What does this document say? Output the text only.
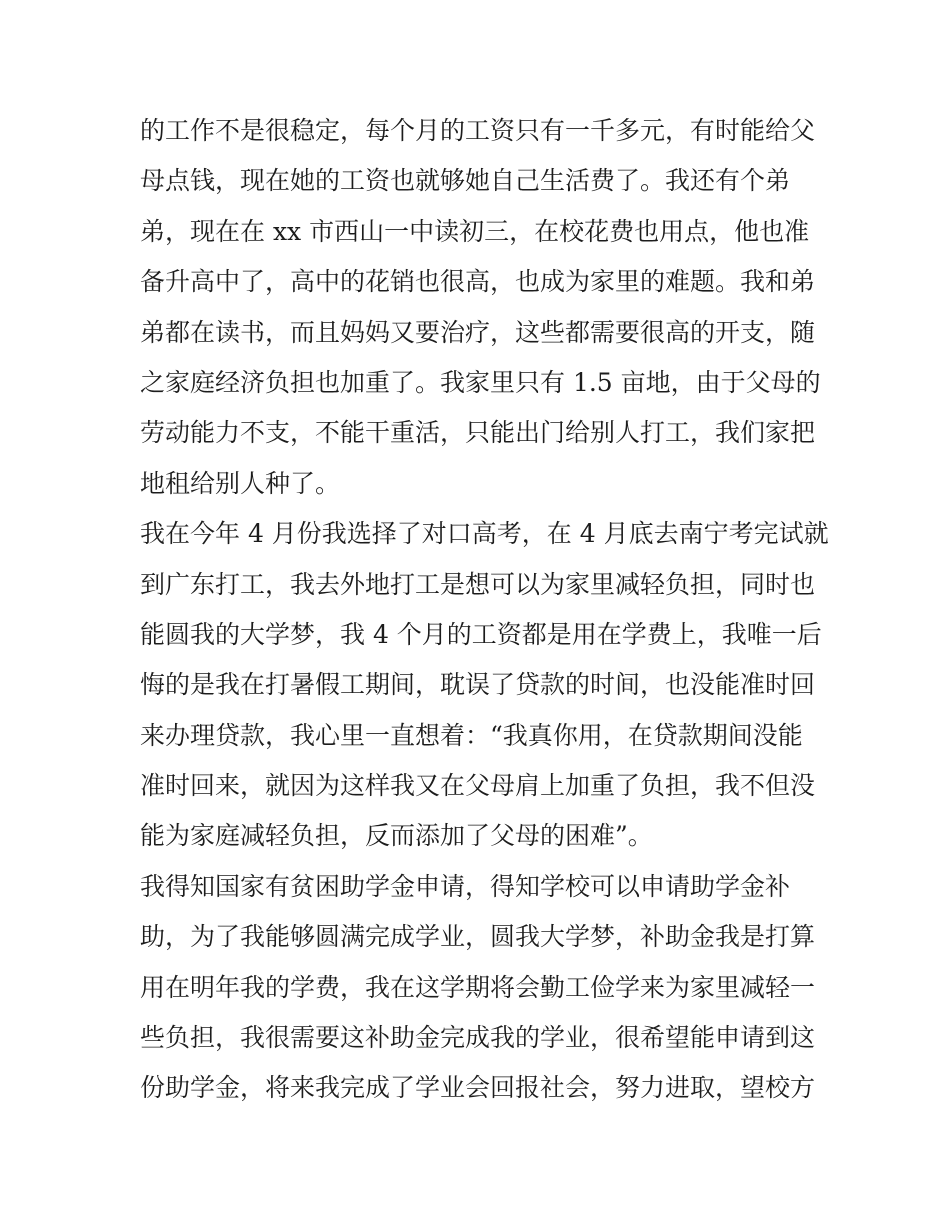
的工作不是很稳定，每个月的工资只有一千多元，有时能给父
母点钱，现在她的工资也就够她自己生活费了。我还有个弟
弟，现在在 xx 市西山一中读初三，在校花费也用点，他也准
备升高中了，高中的花销也很高，也成为家里的难题。我和弟
弟都在读书，而且妈妈又要治疗，这些都需要很高的开支，随
之家庭经济负担也加重了。我家里只有 1.5 亩地，由于父母的
劳动能力不支，不能干重活，只能出门给别人打工，我们家把
地租给别人种了。

我在今年 4 月份我选择了对口高考，在 4 月底去南宁考完试就
到广东打工，我去外地打工是想可以为家里减轻负担，同时也
能圆我的大学梦，我 4 个月的工资都是用在学费上，我唯一后
悔的是我在打暑假工期间，耽误了贷款的时间，也没能准时回
来办理贷款，我心里一直想着：“我真你用，在贷款期间没能
准时回来，就因为这样我又在父母肩上加重了负担，我不但没
能为家庭减轻负担，反而添加了父母的困难”。

我得知国家有贫困助学金申请，得知学校可以申请助学金补
助，为了我能够圆满完成学业，圆我大学梦，补助金我是打算
用在明年我的学费，我在这学期将会勤工俭学来为家里减轻一
些负担，我很需要这补助金完成我的学业，很希望能申请到这
份助学金，将来我完成了学业会回报社会，努力进取，望校方
